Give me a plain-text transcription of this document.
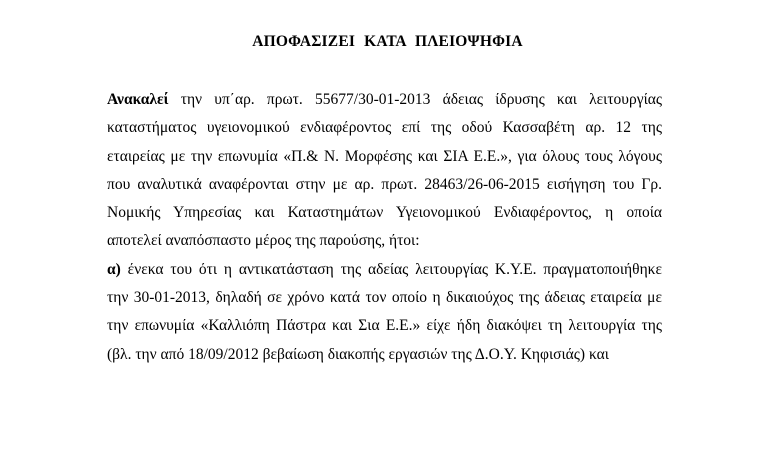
ΑΠΟΦΑΣΙΖΕΙ ΚΑΤΑ ΠΛΕΙΟΨΗΦΙΑ
Ανακαλεί την υπ΄αρ. πρωτ. 55677/30-01-2013 άδειας ίδρυσης και λειτουργίας
καταστήματος υγειονομικού ενδιαφέροντος επί της οδού Κασσαβέτη αρ. 12 της
εταιρείας με την επωνυμία «Π.& Ν. Μορφέσης και ΣΙΑ Ε.Ε.», για όλους τους λόγους
που αναλυτικά αναφέρονται στην με αρ. πρωτ. 28463/26-06-2015 εισήγηση του Γρ.
Νομικής Υπηρεσίας και Καταστημάτων Υγειονομικού Ενδιαφέροντος, η οποία
αποτελεί αναπόσπαστο μέρος της παρούσης, ήτοι:
α) ένεκα του ότι η αντικατάσταση της αδείας λειτουργίας Κ.Υ.Ε. πραγματοποιήθηκε
την 30-01-2013, δηλαδή σε χρόνο κατά τον οποίο η δικαιούχος της άδειας εταιρεία με
την επωνυμία «Καλλιόπη Πάστρα και Σια Ε.Ε.» είχε ήδη διακόψει τη λειτουργία της
(βλ. την από 18/09/2012 βεβαίωση διακοπής εργασιών της Δ.Ο.Υ. Κηφισιάς) και
